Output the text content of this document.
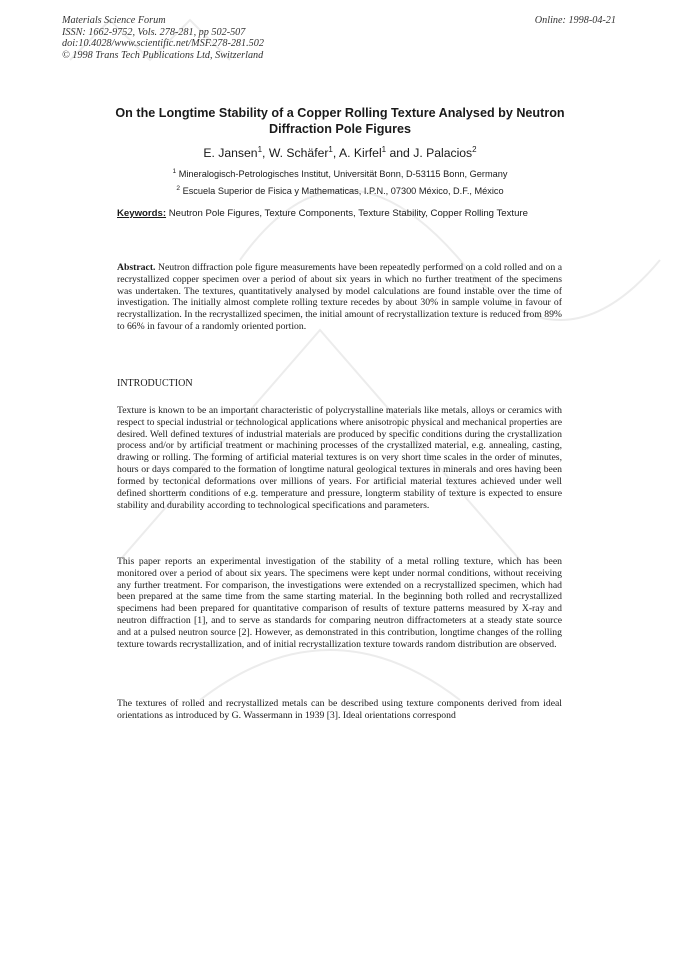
Materials Science Forum
ISSN: 1662-9752, Vols. 278-281, pp 502-507
doi:10.4028/www.scientific.net/MSF.278-281.502
© 1998 Trans Tech Publications Ltd, Switzerland
Online: 1998-04-21
On the Longtime Stability of a Copper Rolling Texture Analysed by Neutron Diffraction Pole Figures
E. Jansen$^1$, W. Schäfer$^1$, A. Kirfel$^1$ and J. Palacios$^2$
$^1$ Mineralogisch-Petrologisches Institut, Universität Bonn, D-53115 Bonn, Germany
$^2$ Escuela Superior de Fisica y Mathematicas, I.P.N., 07300 México, D.F., México
Keywords: Neutron Pole Figures, Texture Components, Texture Stability, Copper Rolling Texture
Abstract. Neutron diffraction pole figure measurements have been repeatedly performed on a cold rolled and on a recrystallized copper specimen over a period of about six years in which no further treatment of the specimens was undertaken. The textures, quantitatively analysed by model calculations are found instable over the time of investigation. The initially almost complete rolling texture recedes by about 30% in sample volume in favour of recrystallization. In the recrystallized specimen, the initial amount of recrystallization texture is reduced from 89% to 66% in favour of a randomly oriented portion.
INTRODUCTION
Texture is known to be an important characteristic of polycrystalline materials like metals, alloys or ceramics with respect to special industrial or technological applications where anisotropic physical and mechanical properties are desired. Well defined textures of industrial materials are produced by specific conditions during the crystallization process and/or by artificial treatment or machining processes of the crystallized material, e.g. annealing, casting, drawing or rolling. The forming of artificial material textures is on very short time scales in the order of minutes, hours or days compared to the formation of longtime natural geological textures in minerals and ores having been formed by tectonical deformations over millions of years. For artificial material textures achieved under well defined shortterm conditions of e.g. temperature and pressure, longterm stability of texture is expected to ensure stability and durability according to technological specifications and parameters.
This paper reports an experimental investigation of the stability of a metal rolling texture, which has been monitored over a period of about six years. The specimens were kept under normal conditions, without receiving any further treatment. For comparison, the investigations were extended on a recrystallized specimen, which had been prepared at the same time from the same starting material. In the beginning both rolled and recrystallized specimens had been prepared for quantitative comparison of results of texture patterns measured by X-ray and neutron diffraction [1], and to serve as standards for comparing neutron diffractometers at a steady state source and at a pulsed neutron source [2]. However, as demonstrated in this contribution, longtime changes of the rolling texture towards recrystallization, and of initial recrystallization texture towards random distribution are observed.
The textures of rolled and recrystallized metals can be described using texture components derived from ideal orientations as introduced by G. Wassermann in 1939 [3]. Ideal orientations correspond
